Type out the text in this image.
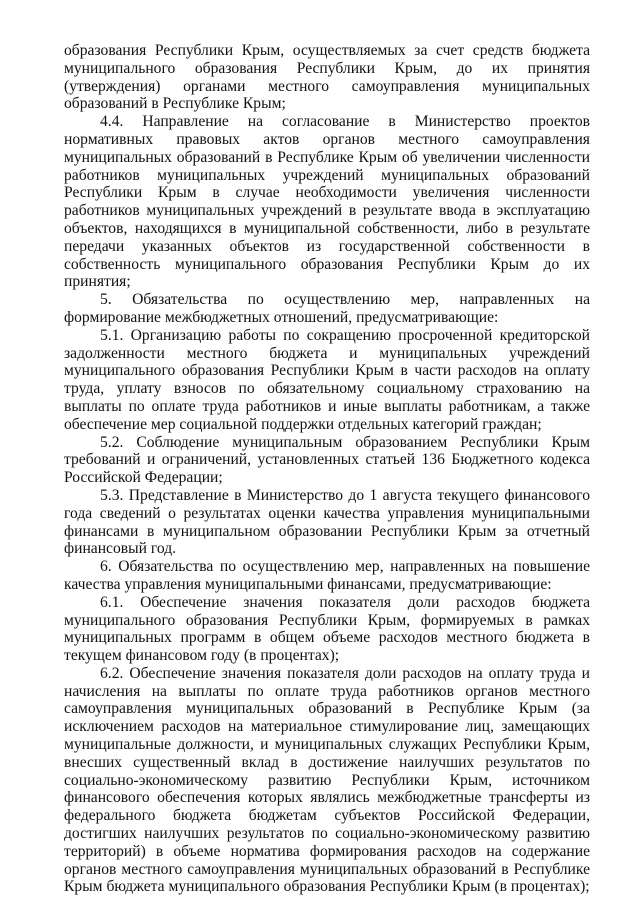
образования Республики Крым, осуществляемых за счет средств бюджета муниципального образования Республики Крым, до их принятия (утверждения) органами местного самоуправления муниципальных образований в Республике Крым;

4.4. Направление на согласование в Министерство проектов нормативных правовых актов органов местного самоуправления муниципальных образований в Республике Крым об увеличении численности работников муниципальных учреждений муниципальных образований Республики Крым в случае необходимости увеличения численности работников муниципальных учреждений в результате ввода в эксплуатацию объектов, находящихся в муниципальной собственности, либо в результате передачи указанных объектов из государственной собственности в собственность муниципального образования Республики Крым до их принятия;

5. Обязательства по осуществлению мер, направленных на формирование межбюджетных отношений, предусматривающие:

5.1. Организацию работы по сокращению просроченной кредиторской задолженности местного бюджета и муниципальных учреждений муниципального образования Республики Крым в части расходов на оплату труда, уплату взносов по обязательному социальному страхованию на выплаты по оплате труда работников и иные выплаты работникам, а также обеспечение мер социальной поддержки отдельных категорий граждан;

5.2. Соблюдение муниципальным образованием Республики Крым требований и ограничений, установленных статьей 136 Бюджетного кодекса Российской Федерации;

5.3. Представление в Министерство до 1 августа текущего финансового года сведений о результатах оценки качества управления муниципальными финансами в муниципальном образовании Республики Крым за отчетный финансовый год.

6. Обязательства по осуществлению мер, направленных на повышение качества управления муниципальными финансами, предусматривающие:

6.1. Обеспечение значения показателя доли расходов бюджета муниципального образования Республики Крым, формируемых в рамках муниципальных программ в общем объеме расходов местного бюджета в текущем финансовом году (в процентах);

6.2. Обеспечение значения показателя доли расходов на оплату труда и начисления на выплаты по оплате труда работников органов местного самоуправления муниципальных образований в Республике Крым (за исключением расходов на материальное стимулирование лиц, замещающих муниципальные должности, и муниципальных служащих Республики Крым, внесших существенный вклад в достижение наилучших результатов по социально-экономическому развитию Республики Крым, источником финансового обеспечения которых являлись межбюджетные трансферты из федерального бюджета бюджетам субъектов Российской Федерации, достигших наилучших результатов по социально-экономическому развитию территорий) в объеме норматива формирования расходов на содержание органов местного самоуправления муниципальных образований в Республике Крым бюджета муниципального образования Республики Крым (в процентах);
